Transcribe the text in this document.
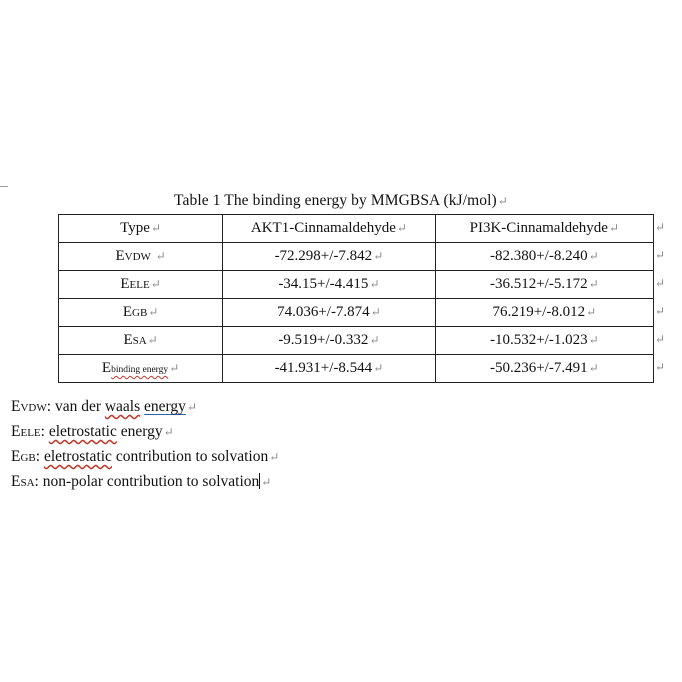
Table 1 The binding energy by MMGBSA (kJ/mol)↵
Type↵	AKT1-Cinnamaldehyde↵	PI3K-Cinnamaldehyde↵
EVDW ↵	-72.298+/-7.842↵	-82.380+/-8.240↵
EELE↵	-34.15+/-4.415↵	-36.512+/-5.172↵
EGB↵	74.036+/-7.874↵	76.219+/-8.012↵
ESA↵	-9.519+/-0.332↵	-10.532+/-1.023↵
Ebinding energy↵	-41.931+/-8.544↵	-50.236+/-7.491↵
↵
↵
↵
↵
↵
↵
EVDW: van der waals energy↵
EELE: eletrostatic energy↵
EGB: eletrostatic contribution to solvation↵
ESA: non-polar contribution to solvation ↵
